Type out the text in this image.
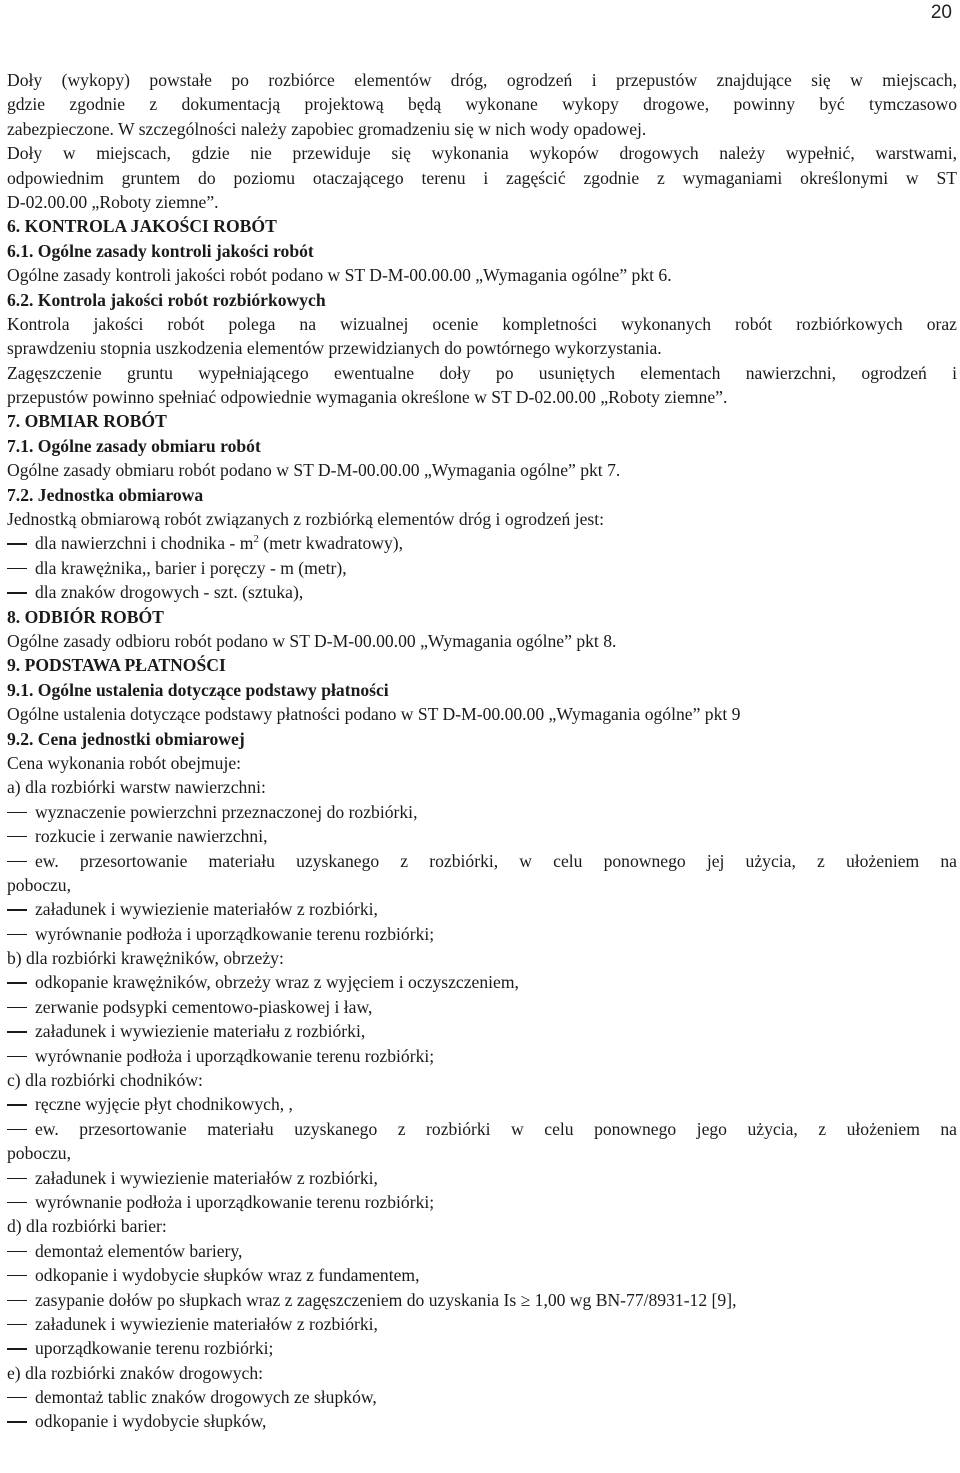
20
Doły (wykopy) powstałe po rozbiórce elementów dróg, ogrodzeń i przepustów znajdujące się w miejscach,
gdzie zgodnie z dokumentacją projektową będą wykonane wykopy drogowe, powinny być tymczasowo
zabezpieczone. W szczególności należy zapobiec gromadzeniu się w nich wody opadowej.
Doły w miejscach, gdzie nie przewiduje się wykonania wykopów drogowych należy wypełnić, warstwami,
odpowiednim gruntem do poziomu otaczającego terenu i zagęścić zgodnie z wymaganiami określonymi w ST
D-02.00.00 „Roboty ziemne”.
6. KONTROLA JAKOŚCI ROBÓT
6.1. Ogólne zasady kontroli jakości robót
Ogólne zasady kontroli jakości robót podano w ST D-M-00.00.00 „Wymagania ogólne” pkt 6.
6.2. Kontrola jakości robót rozbiórkowych
Kontrola jakości robót polega na wizualnej ocenie kompletności wykonanych robót rozbiórkowych oraz
sprawdzeniu stopnia uszkodzenia elementów przewidzianych do powtórnego wykorzystania.
Zagęszczenie gruntu wypełniającego ewentualne doły po usuniętych elementach nawierzchni, ogrodzeń i
przepustów powinno spełniać odpowiednie wymagania określone w ST D-02.00.00 „Roboty ziemne”.
7. OBMIAR ROBÓT
7.1. Ogólne zasady obmiaru robót
Ogólne zasady obmiaru robót podano w ST D-M-00.00.00 „Wymagania ogólne” pkt 7.
7.2. Jednostka obmiarowa
Jednostką obmiarową robót związanych z rozbiórką elementów dróg i ogrodzeń jest:
dla nawierzchni i chodnika - $m^2$ (metr kwadratowy),
dla krawężnika,, barier i poręczy - m (metr),
dla znaków drogowych - szt. (sztuka),
8. ODBIÓR ROBÓT
Ogólne zasady odbioru robót podano w ST D-M-00.00.00 „Wymagania ogólne” pkt 8.
9. PODSTAWA PŁATNOŚCI
9.1. Ogólne ustalenia dotyczące podstawy płatności
Ogólne ustalenia dotyczące podstawy płatności podano w ST D-M-00.00.00 „Wymagania ogólne” pkt 9
9.2. Cena jednostki obmiarowej
Cena wykonania robót obejmuje:
a) dla rozbiórki warstw nawierzchni:
wyznaczenie powierzchni przeznaczonej do rozbiórki,
rozkucie i zerwanie nawierzchni,
ew. przesortowanie materiału uzyskanego z rozbiórki, w celu ponownego jej użycia, z ułożeniem na
poboczu,
załadunek i wywiezienie materiałów z rozbiórki,
wyrównanie podłoża i uporządkowanie terenu rozbiórki;
b) dla rozbiórki krawężników, obrzeży:
odkopanie krawężników, obrzeży wraz z wyjęciem i oczyszczeniem,
zerwanie podsypki cementowo-piaskowej i ław,
załadunek i wywiezienie materiału z rozbiórki,
wyrównanie podłoża i uporządkowanie terenu rozbiórki;
c) dla rozbiórki chodników:
ręczne wyjęcie płyt chodnikowych, ,
ew. przesortowanie materiału uzyskanego z rozbiórki w celu ponownego jego użycia, z ułożeniem na
poboczu,
załadunek i wywiezienie materiałów z rozbiórki,
wyrównanie podłoża i uporządkowanie terenu rozbiórki;
d) dla rozbiórki barier:
demontaż elementów bariery,
odkopanie i wydobycie słupków wraz z fundamentem,
zasypanie dołów po słupkach wraz z zagęszczeniem do uzyskania Is ≥ 1,00 wg BN-77/8931-12 [9],
załadunek i wywiezienie materiałów z rozbiórki,
uporządkowanie terenu rozbiórki;
e) dla rozbiórki znaków drogowych:
demontaż tablic znaków drogowych ze słupków,
odkopanie i wydobycie słupków,
